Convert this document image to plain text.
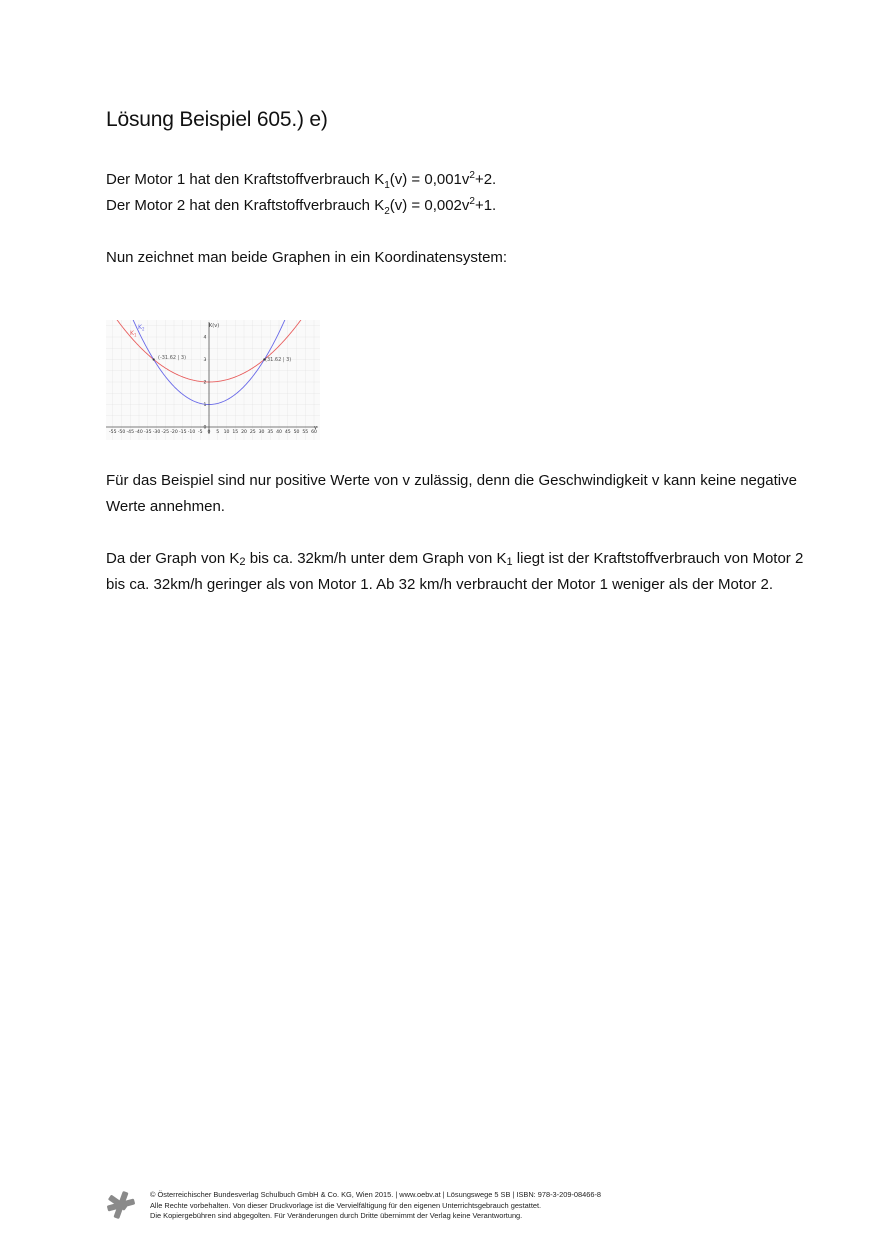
Lösung Beispiel 605.) e)
Der Motor 1 hat den Kraftstoffverbrauch $K_1(v) = 0,001v^2+2$.
Der Motor 2 hat den Kraftstoffverbrauch $K_2(v) = 0,002v^2+1$.
Nun zeichnet man beide Graphen in ein Koordinatensystem:
-55 -50 -45 -40 -35 -30 -25 -20 -15 -10 -5 0 5 10 15 20 25 30 35 40 45 50 55 60
0
1
2
3
4
(-31.62 | 3)	(31.62 | 3)
K(v)
v
$K_2$
$K_1$
Für das Beispiel sind nur positive Werte von v zulässig, denn die Geschwindigkeit v kann keine negative Werte annehmen.
Da der Graph von K2 bis ca. 32km/h unter dem Graph von K1 liegt ist der Kraftstoffverbrauch von Motor 2 bis ca. 32km/h geringer als von Motor 1. Ab 32 km/h verbraucht der Motor 1 weniger als der Motor 2.
© Österreichischer Bundesverlag Schulbuch GmbH & Co. KG, Wien 2015. | www.oebv.at | Lösungswege 5 SB | ISBN: 978-3-209-08466-8
Alle Rechte vorbehalten. Von dieser Druckvorlage ist die Vervielfältigung für den eigenen Unterrichtsgebrauch gestattet.
Die Kopiergebühren sind abgegolten. Für Veränderungen durch Dritte übernimmt der Verlag keine Verantwortung.
